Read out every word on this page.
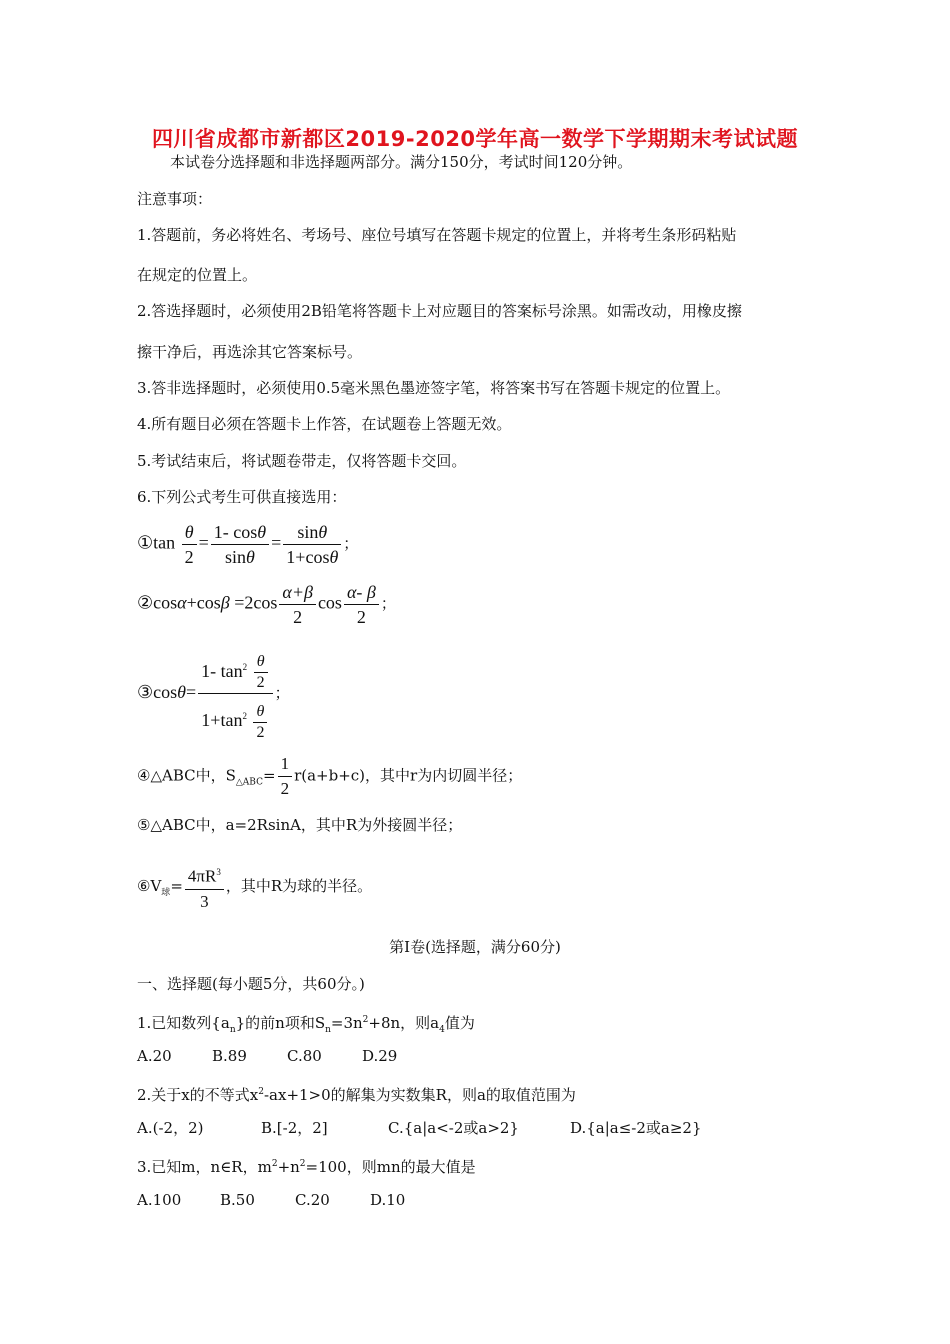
四川省成都市新都区2019-2020学年高一数学下学期期末考试试题
本试卷分选择题和非选择题两部分。满分150分，考试时间120分钟。
注意事项：
1.答题前，务必将姓名、考场号、座位号填写在答题卡规定的位置上，并将考生条形码粘贴
在规定的位置上。
2.答选择题时，必须使用2B铅笔将答题卡上对应题目的答案标号涂黑。如需改动，用橡皮擦
擦干净后，再选涂其它答案标号。
3.答非选择题时，必须使用0.5毫米黑色墨迹签字笔，将答案书写在答题卡规定的位置上。
4.所有题目必须在答题卡上作答，在试题卷上答题无效。
5.考试结束后，将试题卷带走，仅将答题卡交回。
6.下列公式考生可供直接选用：
①tan $\frac{\theta}{2} = \frac{1- \cos\theta}{\sin\theta} = \frac{\sin\theta}{1+\cos\theta}$ ；
②cosα+cosβ $=2\cos \frac{\alpha+\beta}{2}$ $\cos \frac{\alpha- \beta}{2}$ ；
③cosθ= $\frac{1- \tan^2 \frac{\theta}{2}}{1+\tan^2 \frac{\theta}{2}}$ ；
④△ABC中，$S_{\triangle ABC}= \frac{1}{2} r(a+b+c)$，其中r为内切圆半径；
⑤△ABC中，a=2RsinA，其中R为外接圆半径；
$⑥V_球= \frac{4\pi R^3}{3}$ ，其中R为球的半径。
第Ⅰ卷(选择题，满分60分)
一、选择题(每小题5分，共60分。)
1.已知数列$\{a_n\}$的前n项和$S_n=3n^2+8n$，则$a_4$值为
A.20	B.89	C.80	D.29
2.关于x的不等式$x^2-ax+1>0$的解集为实数集R，则a的取值范围为
A.(-2，2)	B.[-2，2]	C.{a|a<-2或a>2}	D.{a|a≤-2或a≥2}
3.已知m，n∈R，$m^2+n^2=100$，则mn的最大值是
A.100	B.50	C.20	D.10
